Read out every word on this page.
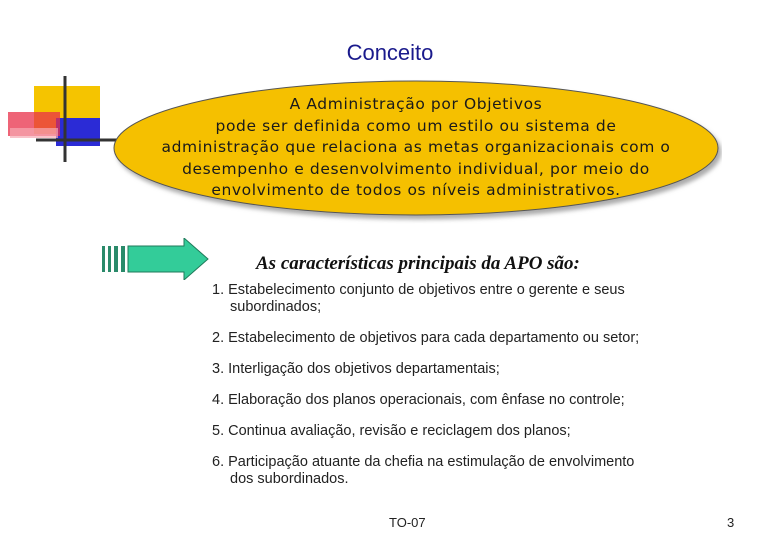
Conceito
A Administração por Objetivos
pode ser definida como um estilo ou sistema de
administração que relaciona as metas organizacionais com o
desempenho e desenvolvimento individual, por meio do
envolvimento de todos os níveis administrativos.
As características principais da APO são:
1. Estabelecimento conjunto de objetivos entre o gerente e seus
subordinados;
2. Estabelecimento de objetivos para cada departamento ou setor;
3. Interligação dos objetivos departamentais;
4. Elaboração dos planos operacionais, com ênfase no controle;
5. Continua avaliação, revisão e reciclagem dos planos;
6. Participação atuante da chefia na estimulação de envolvimento
dos subordinados.
TO-07	3
